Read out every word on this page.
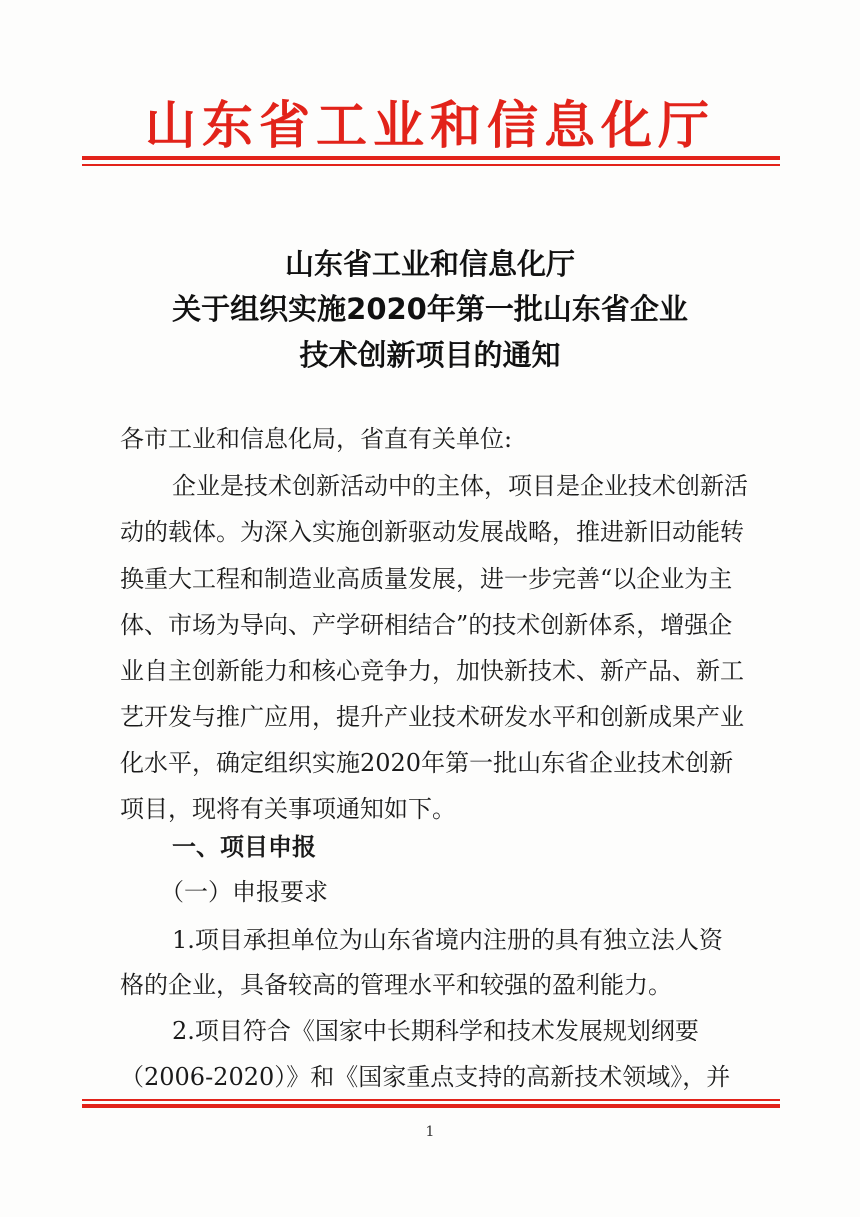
山东省工业和信息化厅
山东省工业和信息化厅
关于组织实施2020年第一批山东省企业
技术创新项目的通知
各市工业和信息化局，省直有关单位:
企业是技术创新活动中的主体，项目是企业技术创新活
动的载体。为深入实施创新驱动发展战略，推进新旧动能转
换重大工程和制造业高质量发展，进一步完善“以企业为主
体、市场为导向、产学研相结合”的技术创新体系，增强企
业自主创新能力和核心竞争力，加快新技术、新产品、新工
艺开发与推广应用，提升产业技术研发水平和创新成果产业
化水平，确定组织实施2020年第一批山东省企业技术创新
项目，现将有关事项通知如下。
一、项目申报
（一）申报要求
1.项目承担单位为山东省境内注册的具有独立法人资
格的企业，具备较高的管理水平和较强的盈利能力。
2.项目符合《国家中长期科学和技术发展规划纲要
（2006-2020）》和《国家重点支持的高新技术领域》，并
1
